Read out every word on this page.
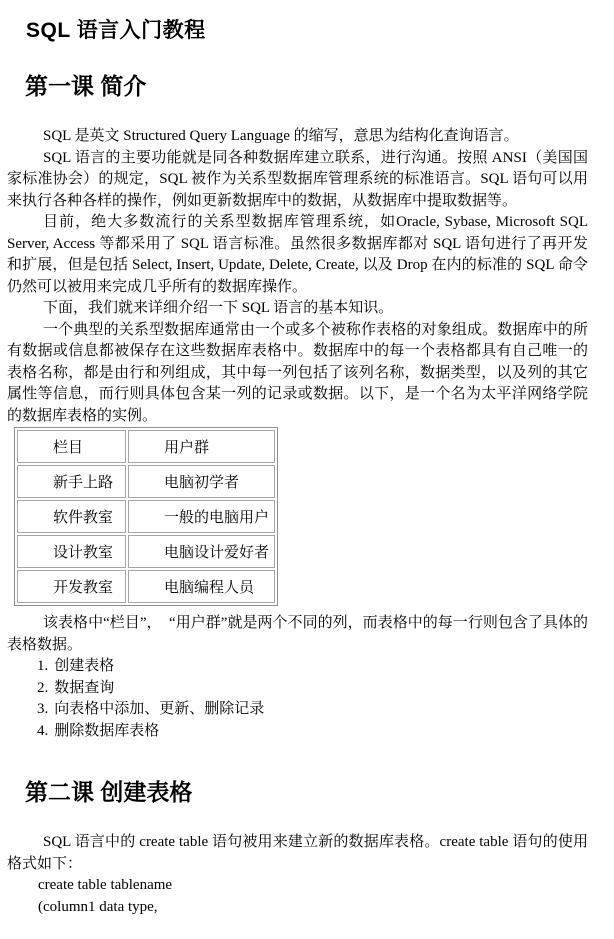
SQL 语言入门教程
第一课 简介

SQL 是英文 Structured Query Language 的缩写，意思为结构化查询语言。

SQL 语言的主要功能就是同各种数据库建立联系，进行沟通。按照 ANSI（美国国家标准协会）的规定，SQL 被作为关系型数据库管理系统的标准语言。SQL 语句可以用来执行各种各样的操作，例如更新数据库中的数据，从数据库中提取数据等。

目前，绝大多数流行的关系型数据库管理系统，如Oracle, Sybase, Microsoft SQL Server, Access 等都采用了 SQL 语言标准。虽然很多数据库都对 SQL 语句进行了再开发和扩展，但是包括 Select, Insert, Update, Delete, Create, 以及 Drop 在内的标准的 SQL 命令仍然可以被用来完成几乎所有的数据库操作。

下面，我们就来详细介绍一下 SQL 语言的基本知识。

一个典型的关系型数据库通常由一个或多个被称作表格的对象组成。数据库中的所有数据或信息都被保存在这些数据库表格中。数据库中的每一个表格都具有自己唯一的表格名称，都是由行和列组成，其中每一列包括了该列名称，数据类型，以及列的其它属性等信息，而行则具体包含某一列的记录或数据。以下，是一个名为太平洋网络学院的数据库表格的实例。

栏目	用户群
新手上路	电脑初学者
软件教室	一般的电脑用户
设计教室	电脑设计爱好者
开发教室	电脑编程人员

该表格中“栏目”，　“用户群”就是两个不同的列，而表格中的每一行则包含了具体的表格数据。

1. 创建表格
2. 数据查询
3. 向表格中添加、更新、删除记录
4. 删除数据库表格
第二课 创建表格

SQL 语言中的 create table 语句被用来建立新的数据库表格。create table 语句的使用格式如下：

create table tablename
(column1 data type,
